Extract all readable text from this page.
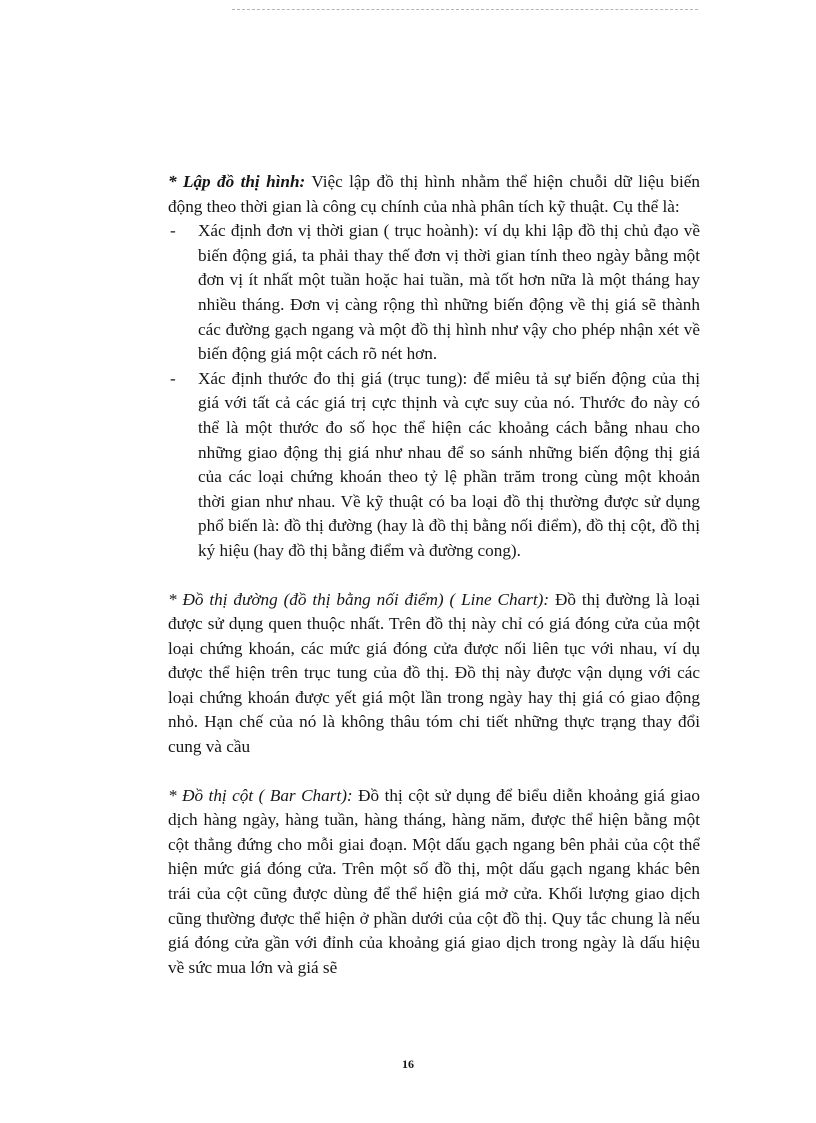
* Lập đồ thị hình: Việc lập đồ thị hình nhằm thể hiện chuỗi dữ liệu biến động theo thời gian là công cụ chính của nhà phân tích kỹ thuật. Cụ thể là:

- Xác định đơn vị thời gian ( trục hoành): ví dụ khi lập đồ thị chủ đạo về biến động giá, ta phải thay thế đơn vị thời gian tính theo ngày bằng một đơn vị ít nhất một tuần hoặc hai tuần, mà tốt hơn nữa là một tháng hay nhiều tháng. Đơn vị càng rộng thì những biến động về thị giá sẽ thành các đường gạch ngang và một đồ thị hình như vậy cho phép nhận xét về biến động giá một cách rõ nét hơn.
- Xác định thước đo thị giá (trục tung): để miêu tả sự biến động của thị giá với tất cả các giá trị cực thịnh và cực suy của nó. Thước đo này có thể là một thước đo số học thể hiện các khoảng cách bằng nhau cho những giao động thị giá như nhau để so sánh những biến động thị giá của các loại chứng khoán theo tỷ lệ phần trăm trong cùng một khoản thời gian như nhau. Về kỹ thuật có ba loại đồ thị thường được sử dụng phổ biến là: đồ thị đường (hay là đồ thị bằng nối điểm), đồ thị cột, đồ thị ký hiệu (hay đồ thị bằng điểm và đường cong).

* Đồ thị đường (đồ thị bằng nối điểm) ( Line Chart): Đồ thị đường là loại được sử dụng quen thuộc nhất. Trên đồ thị này chỉ có giá đóng cửa của một loại chứng khoán, các mức giá đóng cửa được nối liên tục với nhau, ví dụ được thể hiện trên trục tung của đồ thị. Đồ thị này được vận dụng với các loại chứng khoán được yết giá một lần trong ngày hay thị giá có giao động nhỏ. Hạn chế của nó là không thâu tóm chi tiết những thực trạng thay đổi cung và cầu

* Đồ thị cột ( Bar Chart): Đồ thị cột sử dụng để biểu diễn khoảng giá giao dịch hàng ngày, hàng tuần, hàng tháng, hàng năm, được thể hiện bằng một cột thẳng đứng cho mỗi giai đoạn. Một dấu gạch ngang bên phải của cột thể hiện mức giá đóng cửa. Trên một số đồ thị, một dấu gạch ngang khác bên trái của cột cũng được dùng để thể hiện giá mở cửa. Khối lượng giao dịch cũng thường được thể hiện ở phần dưới của cột đồ thị. Quy tắc chung là nếu giá đóng cửa gần với đỉnh của khoảng giá giao dịch trong ngày là dấu hiệu về sức mua lớn và giá sẽ

16
